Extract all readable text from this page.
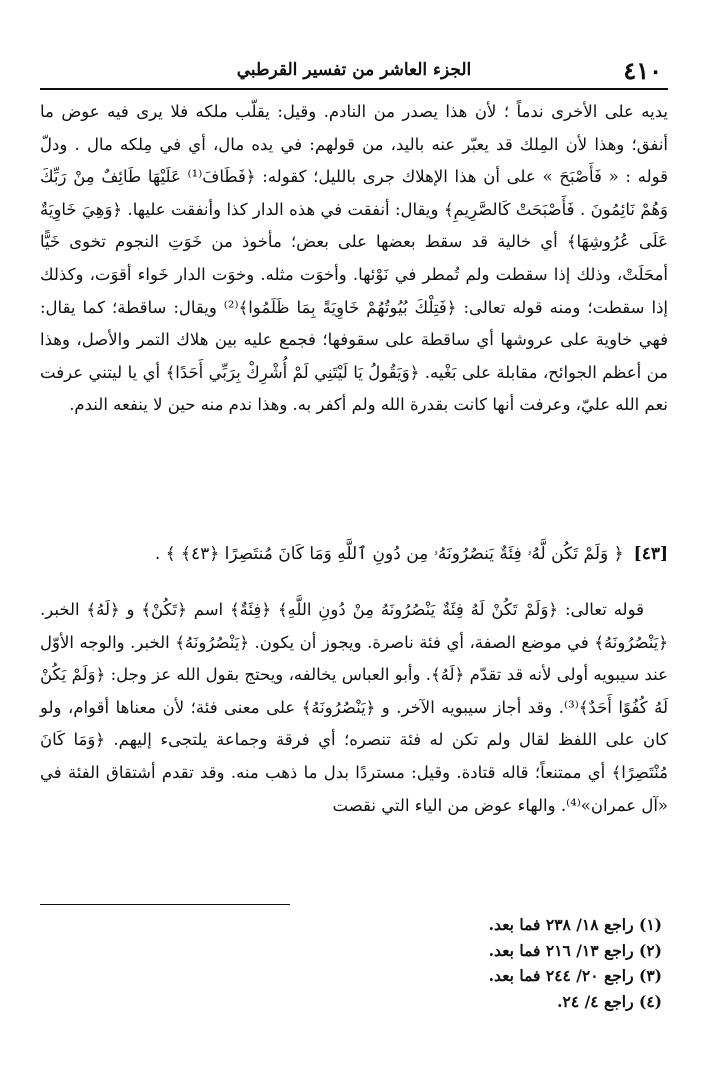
٤١٠
الجزء العاشر من تفسير القرطبي

يديه على الأخرى ندماً ؛ لأن هذا يصدر من النادم. وقيل: يقلّب ملكه فلا يرى فيه عوض ما أنفق؛ وهذا لأن المِلك قد يعبّر عنه باليد، من قولهم: في يده مال، أي في مِلكه مال . ودلّ قوله : « فَأَصْبَحَ » على أن هذا الإهلاك جرى بالليل؛ كقوله: ﴿فَطَافَ⁽¹⁾ عَلَيْهَا طَائِفٌ مِنْ رَبِّكَ وَهُمْ نَائِمُونَ . فَأَصْبَحَتْ كَالصَّرِيمِ﴾ ويقال: أنفقت في هذه الدار كذا وأنفقت عليها. ﴿وَهِيَ خَاوِيَةٌ عَلَى عُرُوشِهَا﴾ أي خالية قد سقط بعضها على بعض؛ مأخوذ من خَوَتِ النجوم تخوى خَيًّا أمحَلَتْ، وذلك إذا سقطت ولم تُمطر في نَوْئها. وأخوَت مثله. وخوَت الدار خَواء أقوَت، وكذلك إذا سقطت؛ ومنه قوله تعالى: ﴿فَتِلْكَ بُيُوتُهُمْ خَاوِيَةً بِمَا ظَلَمُوا﴾⁽²⁾ ويقال: ساقطة؛ كما يقال: فهي خاوية على عروشها أي ساقطة على سقوفها؛ فجمع عليه بين هلاك التمر والأصل، وهذا من أعظم الجوائح، مقابلة على بَغْيه. ﴿وَيَقُولُ يَا لَيْتَنِي لَمْ أُشْرِكْ بِرَبِّي أَحَدًا﴾ أي يا ليتني عرفت نعم الله عليّ، وعرفت أنها كانت بقدرة الله ولم أكفر به. وهذا ندم منه حين لا ينفعه الندم.

[٤٣]﴿ وَلَمْ تَكُن لَّهُۥ فِئَةٌ يَنصُرُونَهُۥ مِن دُونِ ٱللَّهِ وَمَا كَانَ مُنتَصِرًا ﴿٤٣﴾ ﴾ .

قوله تعالى: ﴿وَلَمْ تَكُنْ لَهُ فِئَةٌ يَنْصُرُونَهُ مِنْ دُونِ اللَّهِ﴾ ﴿فِئَةٌ﴾ اسم ﴿تَكُنْ﴾ و ﴿لَهُ﴾ الخبر. ﴿يَنْصُرُونَهُ﴾ في موضع الصفة، أي فئة ناصرة. ويجوز أن يكون. ﴿يَنْصُرُونَهُ﴾ الخبر. والوجه الأوّل عند سيبويه أولى لأنه قد تقدّم ﴿لَهُ﴾. وأبو العباس يخالفه، ويحتج بقول الله عز وجل: ﴿وَلَمْ يَكُنْ لَهُ كُفُوًا أَحَدٌ﴾⁽³⁾. وقد أجاز سيبويه الآخر. و ﴿يَنْصُرُونَهُ﴾ على معنى فئة؛ لأن معناها أقوام، ولو كان على اللفظ لقال ولم تكن له فئة تنصره؛ أي فرقة وجماعة يلتجىء إليهم. ﴿وَمَا كَانَ مُنْتَصِرًا﴾ أي ممتنعاً؛ قاله قتادة. وقيل: مستردًا بدل ما ذهب منه. وقد تقدم أشتقاق الفئة في «آل عمران»⁽⁴⁾. والهاء عوض من الياء التي نقصت

(١) راجع ١٨/ ٢٣٨ فما بعد.
(٢) راجع ١٣/ ٢١٦ فما بعد.
(٣) راجع ٢٠/ ٢٤٤ فما بعد.
(٤) راجع ٤/ ٢٤.
